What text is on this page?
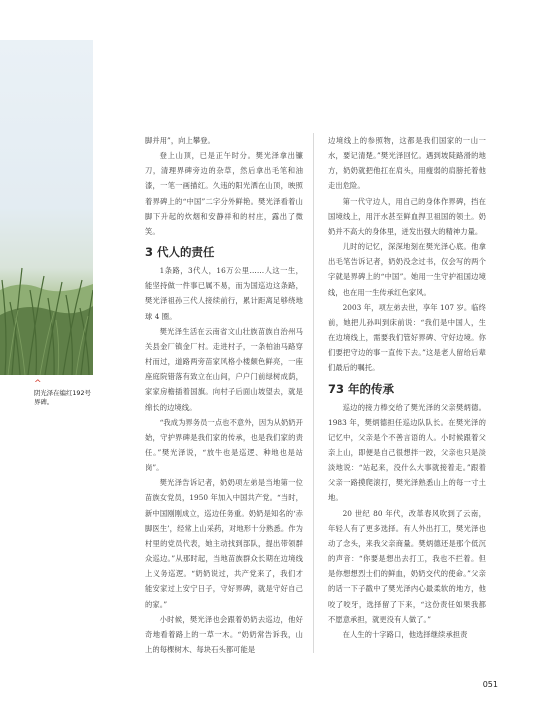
^
阴光泽在编红192号界碑。

脚并用”，向上攀登。

登上山顶，已是正午时分。樊光泽拿出镰刀，清理界碑旁边的杂草，然后拿出毛笔和油漆，一笔一画描红。久违的阳光洒在山顶，映照着界碑上的“中国”二字分外鲜艳。樊光泽看着山脚下升起的炊烟和安静祥和的村庄，露出了微笑。

3 代人的责任

1条路，3代人，16万公里……人这一生，能坚持做一件事已属不易，而为国巡边这条路，樊光泽祖孙三代人接续前行，累计距离足够绕地球 4 圈。

樊光泽生活在云南省文山壮族苗族自治州马关县金厂镇金厂村。走进村子，一条柏油马路穿村而过，道路两旁苗家风格小楼颇色鲜亮，一座座庭院错落有致立在山间，户户门前绿树成荫，家家房檐插着国旗。向村子后面山坡望去，就是绵长的边境线。

“我成为界务员一点也不意外，因为从奶奶开始，守护界碑是我们家的传承，也是我们家的责任。”樊光泽说，“放牛也是巡逻、种地也是站岗”。

樊光泽告诉记者，奶奶项左弟是当地第一位苗族女党员，1950 年加入中国共产党。“当时，新中国刚刚成立，巡边任务重。奶奶是知名的‘赤脚医生’，经常上山采药，对地形十分熟悉。作为村里的党员代表，她主动找到部队，提出带领群众巡边。”从那时起，当地苗族群众长期在边境线上义务巡逻。“奶奶说过，共产党来了，我们才能安家过上安宁日子，守好界碑，就是守好自己的家。”

小时候，樊光泽也会跟着奶奶去巡边，他好奇地看着路上的一草一木。“奶奶常告诉我，山上的每棵树木、每块石头都可能是

边境线上的参照物，这都是我们国家的一山一水，要记清楚。”樊光泽回忆。遇到坡陡路滑的地方，奶奶就把他扛在肩头，用瘦弱的肩膀托着他走出危险。

第一代守边人，用自己的身体作界碑，挡在国境线上，用汗水甚至鲜血捍卫祖国的领土。奶奶并不高大的身体里，迸发出强大的精神力量。

儿时的记忆，深深地刻在樊光泽心底。他拿出毛笔告诉记者，奶奶没念过书，仅会写的两个字就是界碑上的“中国”。她用一生守护祖国边境线，也在用一生传承红色家风。

2003 年，项左弟去世，享年 107 岁。临终前，她把儿孙叫到床前说：“我们是中国人，生在边境线上，需要我们管好界碑、守好边境。你们要把守边的事一直传下去。”这是老人留给后辈们最后的嘱托。

73 年的传承

巡边的接力棒交给了樊光泽的父亲樊炳德。1983 年，樊炳德担任巡边队队长。在樊光泽的记忆中，父亲是个不善言语的人。小时候跟着父亲上山，即便是自己很想拌一跤，父亲也只是淡淡地说：“站起来，没什么大事就接着走。”跟着父亲一路摸爬滚打，樊光泽熟悉山上的每一寸土地。

20 世纪 80 年代，改革春风吹到了云南，年轻人有了更多选择。有人外出打工，樊光泽也动了念头，来我父亲商量。樊炳德还是那个低沉的声音：“你要是想出去打工，我也不拦着。但是你想想烈士们的鲜血，奶奶交代的使命。”父亲的话一下子戳中了樊光泽内心最柔软的地方，他咬了咬牙，选择留了下来，“这份责任如果我都不愿意承担，就更没有人做了。”

在人生的十字路口，他选择继续承担责

051
